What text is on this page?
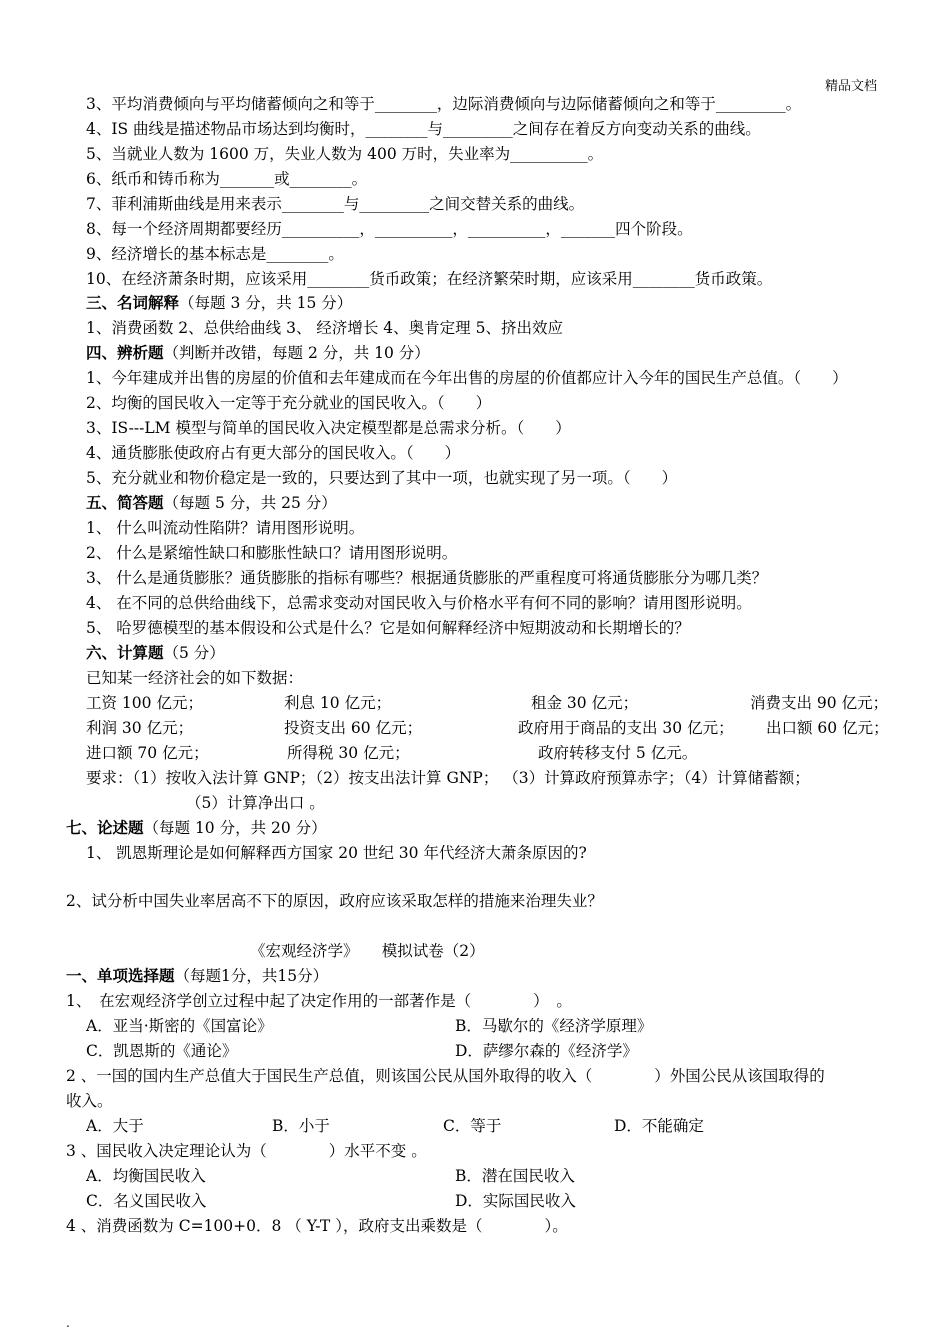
精品文档
3、平均消费倾向与平均储蓄倾向之和等于________，边际消费倾向与边际储蓄倾向之和等于_________。
4、IS 曲线是描述物品市场达到均衡时，________与_________之间存在着反方向变动关系的曲线。
5、当就业人数为 1600 万，失业人数为 400 万时，失业率为__________。
6、纸币和铸币称为_______或________。
7、菲利浦斯曲线是用来表示________与_________之间交替关系的曲线。
8、每一个经济周期都要经历__________，__________，__________，_______四个阶段。
9、经济增长的基本标志是________。
10、在经济萧条时期，应该采用________货币政策；在经济繁荣时期，应该采用________货币政策。
三、名词解释（每题 3 分，共 15 分）
1、消费函数 2、总供给曲线 3、 经济增长 4、奥肯定理 5、挤出效应
四、辨析题（判断并改错，每题 2 分，共 10 分）
1、今年建成并出售的房屋的价值和去年建成而在今年出售的房屋的价值都应计入今年的国民生产总值。（　　）
2、均衡的国民收入一定等于充分就业的国民收入。（　　）
3、IS---LM 模型与简单的国民收入决定模型都是总需求分析。（　　）
4、通货膨胀使政府占有更大部分的国民收入。（　　）
5、充分就业和物价稳定是一致的，只要达到了其中一项，也就实现了另一项。（　　）
五、简答题（每题 5 分，共 25 分）
1、 什么叫流动性陷阱？请用图形说明。
2、 什么是紧缩性缺口和膨胀性缺口？请用图形说明。
3、 什么是通货膨胀？通货膨胀的指标有哪些？根据通货膨胀的严重程度可将通货膨胀分为哪几类？
4、 在不同的总供给曲线下，总需求变动对国民收入与价格水平有何不同的影响？请用图形说明。
5、 哈罗德模型的基本假设和公式是什么？它是如何解释经济中短期波动和长期增长的？
六、计算题（5 分）
已知某一经济社会的如下数据：
工资 100 亿元；	利息 10 亿元；	租金 30 亿元；	消费支出 90 亿元；
利润 30 亿元；	投资支出 60 亿元；	政府用于商品的支出 30 亿元； 出口额 60 亿元；
进口额 70 亿元；	所得税 30 亿元；	政府转移支付 5 亿元。
要求：（1）按收入法计算 GNP；（2）按支出法计算 GNP； （3）计算政府预算赤字；（4）计算储蓄额；
（5）计算净出口 。
七、论述题（每题 10 分，共 20 分）
1、 凯恩斯理论是如何解释西方国家 20 世纪 30 年代经济大萧条原因的?
2、试分析中国失业率居高不下的原因，政府应该采取怎样的措施来治理失业？
《宏观经济学》　　模拟试卷（2）
一、单项选择题（每题1分，共15分）
1、　在宏观经济学创立过程中起了决定作用的一部著作是（　　　　）　。
A．亚当·斯密的《国富论》	B．马歇尔的《经济学原理》
C．凯恩斯的《通论》	D．萨缪尔森的《经济学》
2 、一国的国内生产总值大于国民生产总值，则该国公民从国外取得的收入（　　　　）外国公民从该国取得的
收入。
A．大于	B．小于	C．等于	D．不能确定
3 、国民收入决定理论认为（　　　　）水平不变 。
A．均衡国民收入	B．潜在国民收入
C．名义国民收入	D．实际国民收入
4 、消费函数为 C=100+0．8 （ Y-T ），政府支出乘数是（　　　　）。
.
